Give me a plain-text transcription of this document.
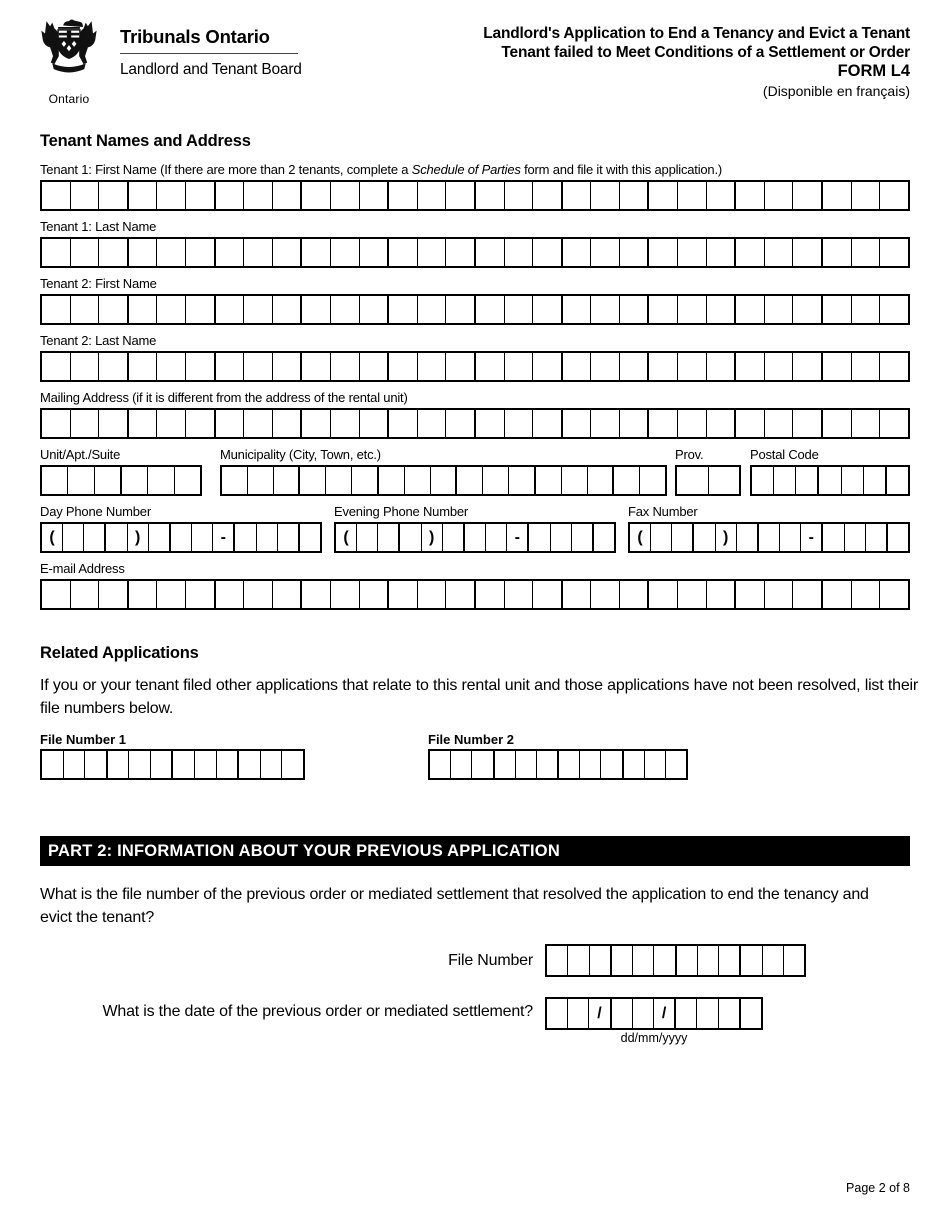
Ontario
Tribunals Ontario
Landlord and Tenant Board
Landlord's Application to End a Tenancy and Evict a Tenant
Tenant failed to Meet Conditions of a Settlement or Order
FORM L4
(Disponible en français)
Tenant Names and Address
Tenant 1: First Name (If there are more than 2 tenants, complete a Schedule of Parties form and file it with this application.)
Tenant 1: Last Name
Tenant 2: First Name
Tenant 2: Last Name
Mailing Address (if it is different from the address of the rental unit)
Unit/Apt./Suite	Municipality (City, Town, etc.)	Prov.	Postal Code
Day Phone Number
(	)	-
Evening Phone Number
(	)	-
Fax Number
(	)	-
E-mail Address
Related Applications
If you or your tenant filed other applications that relate to this rental unit and those applications have not been resolved, list their file numbers below.
File Number 1	File Number 2
PART 2: INFORMATION ABOUT YOUR PREVIOUS APPLICATION
What is the file number of the previous order or mediated settlement that resolved the application to end the tenancy and evict the tenant?
File Number
What is the date of the previous order or mediated settlement?	/	/
dd/mm/yyyy
Page 2 of 8
